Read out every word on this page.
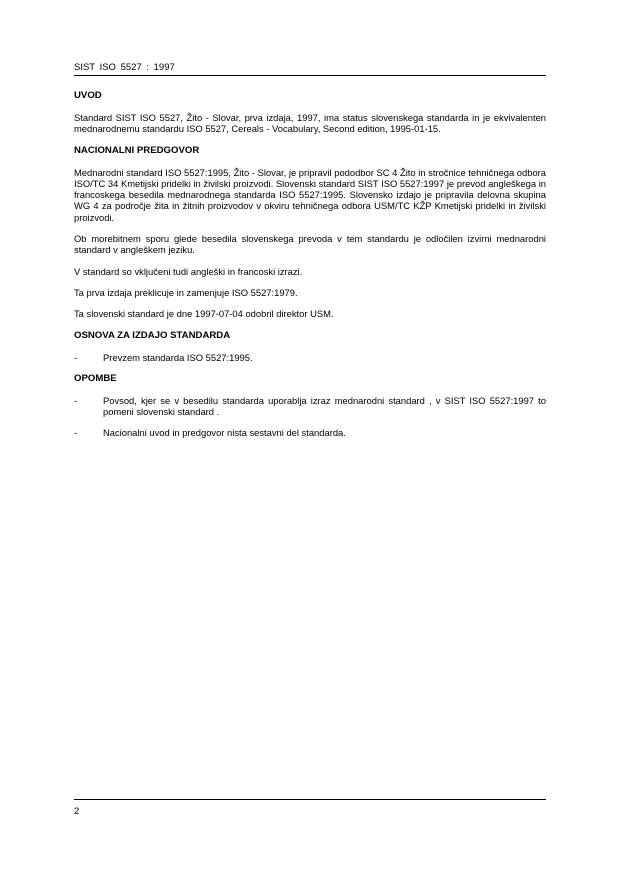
SIST ISO 5527 : 1997
UVOD

Standard SIST ISO 5527, Žito - Slovar, prva izdaja, 1997, ima status slovenskega standarda in je ekvivalenten mednarodnemu standardu ISO 5527, Cereals - Vocabulary, Second edition, 1995-01-15.

NACIONALNI PREDGOVOR

Mednarodni standard ISO 5527:1995, Žito - Slovar, je pripravil pododbor SC 4 Žito in stročnice tehničnega odbora ISO/TC 34 Kmetijski pridelki in živilski proizvodi. Slovenski standard SIST ISO 5527:1997 je prevod angleškega in francoskega besedila mednarodnega standarda ISO 5527:1995. Slovensko izdajo je pripravila delovna skupina WG 4 za področje žita in žitnih proizvodov v okviru tehničnega odbora USM/TC KŽP Kmetijski pridelki in živilski proizvodi.

Ob morebitnem sporu glede besedila slovenskega prevoda v tem standardu je odločilen izvirni mednarodni standard v angleškem jeziku.

V standard so vključeni tudi angleški in francoski izrazi.

Ta prva izdaja preklicuje in zamenjuje ISO 5527:1979.

Ta slovenski standard je dne 1997-07-04 odobril direktor USM.

OSNOVA ZA IZDAJO STANDARDA
-	Prevzem standarda ISO 5527:1995.
OPOMBE
-	Povsod, kjer se v besedilu standarda uporablja izraz mednarodni standard , v SIST ISO 5527:1997 to pomeni slovenski standard .
-	Nacionalni uvod in predgovor nista sestavni del standarda.
2
